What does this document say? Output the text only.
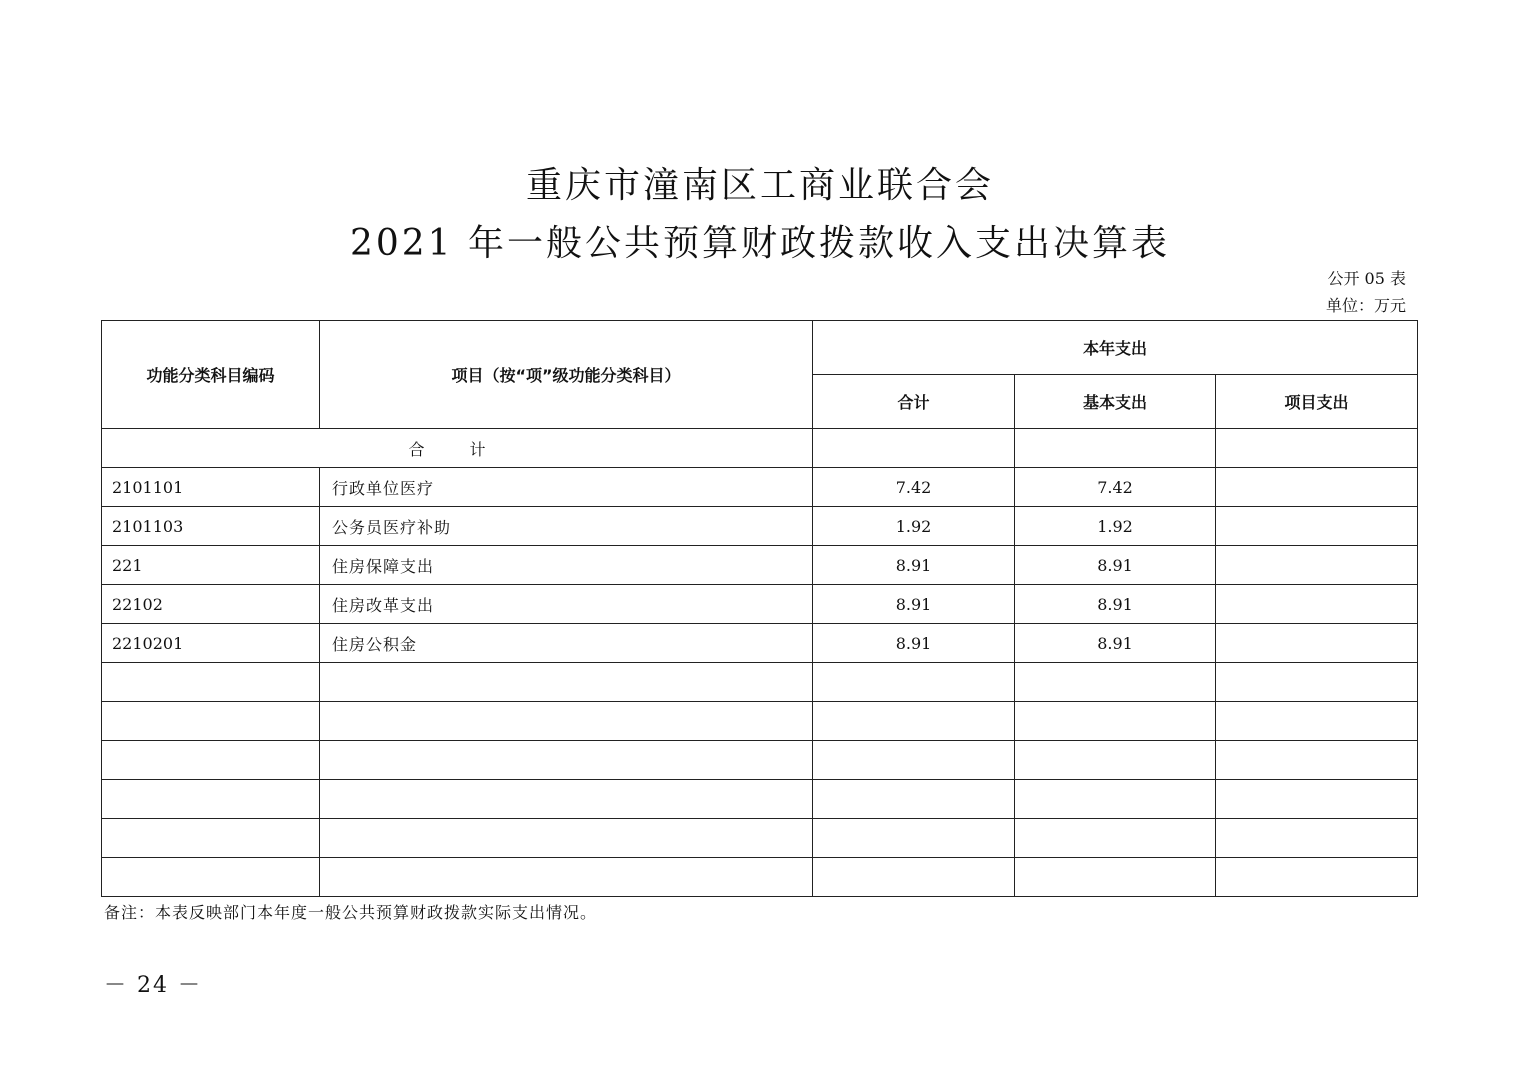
重庆市潼南区工商业联合会
2021 年一般公共预算财政拨款收入支出决算表
公开 05 表
单位：万元
功能分类科目编码	项目（按“项”级功能分类科目）	本年支出		
		合计	基本支出	项目支出
合 计				
2101101	行政单位医疗	7.42	7.42	
2101103	公务员医疗补助	1.92	1.92	
221	住房保障支出	8.91	8.91	
22102	住房改革支出	8.91	8.91	
2210201	住房公积金	8.91	8.91	

备注：本表反映部门本年度一般公共预算财政拨款实际支出情况。
－ 24 －
